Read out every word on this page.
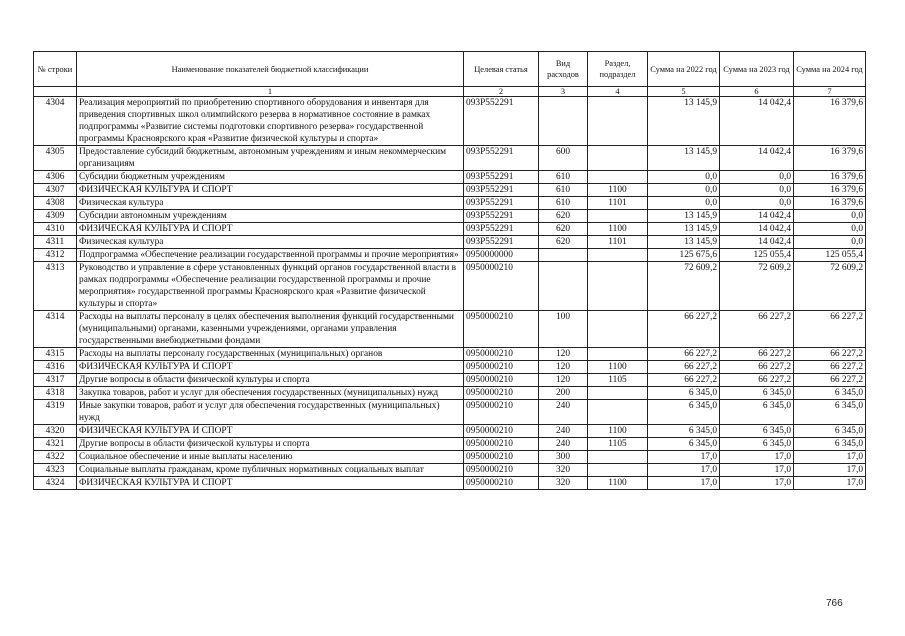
№ строки	Наименование показателей бюджетной классификации	Целевая статья	Вид расходов	Раздел, подраздел	Сумма на 2022 год	Сумма на 2023 год	Сумма на 2024 год
	1	2	3	4	5	6	7
4304	Реализация мероприятий по приобретению спортивного оборудования и инвентаря для приведения спортивных школ олимпийского резерва в нормативное состояние в рамках подпрограммы «Развитие системы подготовки спортивного резерва» государственной программы Красноярского края «Развитие физической культуры и спорта»	093P552291			13 145,9	14 042,4	16 379,6
4305	Предоставление субсидий бюджетным, автономным учреждениям и иным некоммерческим организациям	093P552291	600		13 145,9	14 042,4	16 379,6
4306	Субсидии бюджетным учреждениям	093P552291	610		0,0	0,0	16 379,6
4307	ФИЗИЧЕСКАЯ КУЛЬТУРА И СПОРТ	093P552291	610	1100	0,0	0,0	16 379,6
4308	Физическая культура	093P552291	610	1101	0,0	0,0	16 379,6
4309	Субсидии автономным учреждениям	093P552291	620		13 145,9	14 042,4	0,0
4310	ФИЗИЧЕСКАЯ КУЛЬТУРА И СПОРТ	093P552291	620	1100	13 145,9	14 042,4	0,0
4311	Физическая культура	093P552291	620	1101	13 145,9	14 042,4	0,0
4312	Подпрограмма «Обеспечение реализации государственной программы и прочие мероприятия»	0950000000			125 675,6	125 055,4	125 055,4
4313	Руководство и управление в сфере установленных функций органов государственной власти в рамках подпрограммы «Обеспечение реализации государственной программы и прочие мероприятия» государственной программы Красноярского края «Развитие физической культуры и спорта»	0950000210			72 609,2	72 609,2	72 609,2
4314	Расходы на выплаты персоналу в целях обеспечения выполнения функций государственными (муниципальными) органами, казенными учреждениями, органами управления государственными внебюджетными фондами	0950000210	100		66 227,2	66 227,2	66 227,2
4315	Расходы на выплаты персоналу государственных (муниципальных) органов	0950000210	120		66 227,2	66 227,2	66 227,2
4316	ФИЗИЧЕСКАЯ КУЛЬТУРА И СПОРТ	0950000210	120	1100	66 227,2	66 227,2	66 227,2
4317	Другие вопросы в области физической культуры и спорта	0950000210	120	1105	66 227,2	66 227,2	66 227,2
4318	Закупка товаров, работ и услуг для обеспечения государственных (муниципальных) нужд	0950000210	200		6 345,0	6 345,0	6 345,0
4319	Иные закупки товаров, работ и услуг для обеспечения государственных (муниципальных) нужд	0950000210	240		6 345,0	6 345,0	6 345,0
4320	ФИЗИЧЕСКАЯ КУЛЬТУРА И СПОРТ	0950000210	240	1100	6 345,0	6 345,0	6 345,0
4321	Другие вопросы в области физической культуры и спорта	0950000210	240	1105	6 345,0	6 345,0	6 345,0
4322	Социальное обеспечение и иные выплаты населению	0950000210	300		17,0	17,0	17,0
4323	Социальные выплаты гражданам, кроме публичных нормативных социальных выплат	0950000210	320		17,0	17,0	17,0
4324	ФИЗИЧЕСКАЯ КУЛЬТУРА И СПОРТ	0950000210	320	1100	17,0	17,0	17,0
766
